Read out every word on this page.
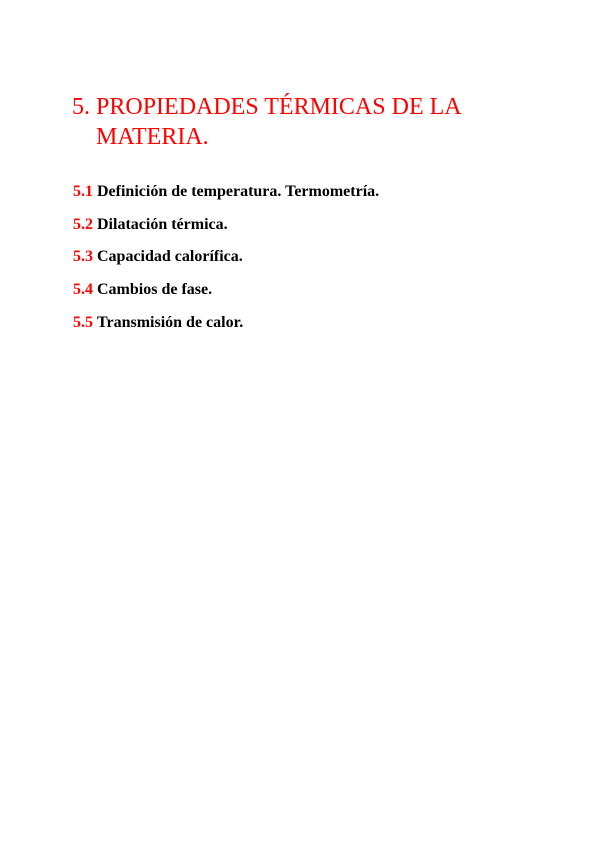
5. PROPIEDADES TÉRMICAS DE LA
MATERIA.
5.1 Definición de temperatura. Termometría.
5.2 Dilatación térmica.
5.3 Capacidad calorífica.
5.4 Cambios de fase.
5.5 Transmisión de calor.
